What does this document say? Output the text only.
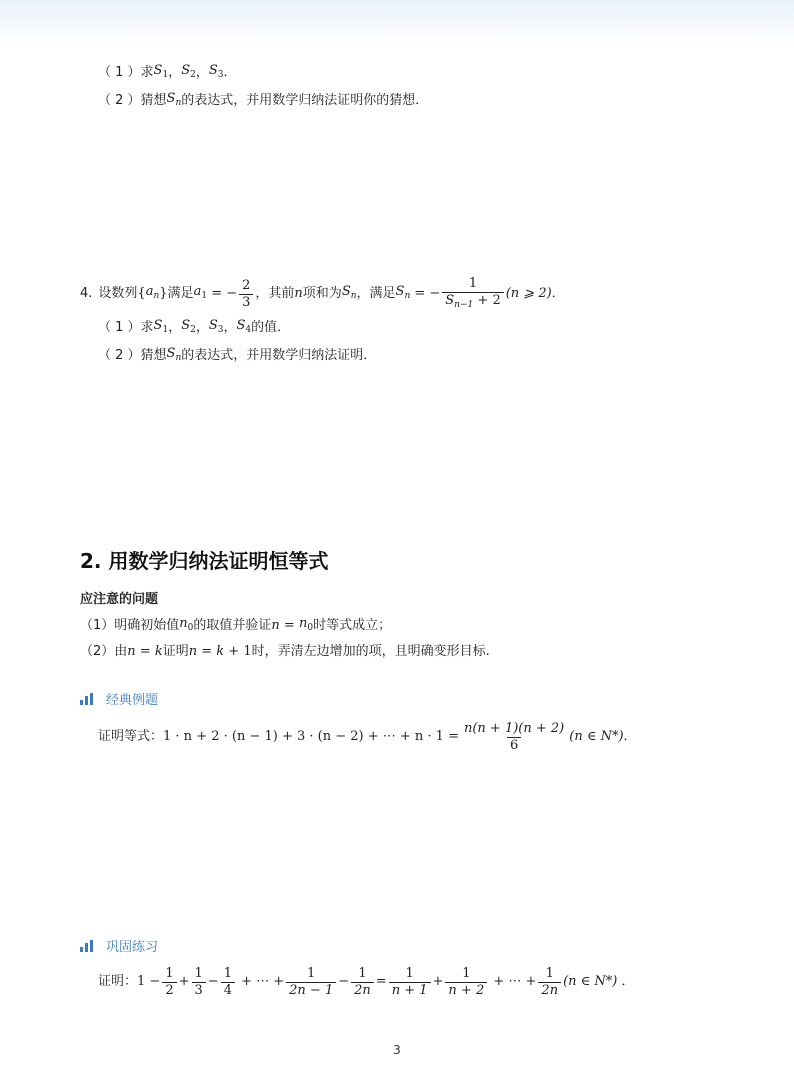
（ 1 ）求 $S_1$ ， $S_2$ ， $S_3$ ．
（ 2 ）猜想 $S_n$ 的表达式，并用数学归纳法证明你的猜想．
4. 设数列 { $a_n$ } 满足 $a_1$ = − $\frac{2}{3}$ ，其前 n 项和为 $S_n$ ，满足 $S_n$ = − $\frac{1}{S_{n-1} + 2} (n$ ⩾ 2) ．
（ 1 ）求 $S_1$ ， $S_2$ ， $S_3$ ， $S_4$ 的值．
（ 2 ）猜想 $S_n$ 的表达式，并用数学归纳法证明．
2. 用数学归纳法证明恒等式
应注意的问题
（1）明确初始值 $n_0$ 的取值并验证 $n = n_0$ 时等式成立；
（2）由 n = k 证明 n = k + 1 时，弄清左边增加的项，且明确变形目标.
经典例题
证明等式： 1 · n + 2 · (n − 1) + 3 · (n − 2) + ⋯ + $n \cdot 1 = \frac{n(n + 1)(n + 2)}{6} (n$ ∈ N*) ．
巩固练习
证明： $1 - \frac{1}{2} + \frac{1}{3} - \frac{1}{4}$ + ⋯ + $\frac{1}{2n - 1} - \frac{1}{2n} = \frac{1}{n + 1} + \frac{1}{n + 2}$ + ⋯ + $\frac{1}{2n} (n$ ∈ N*) ．
3
